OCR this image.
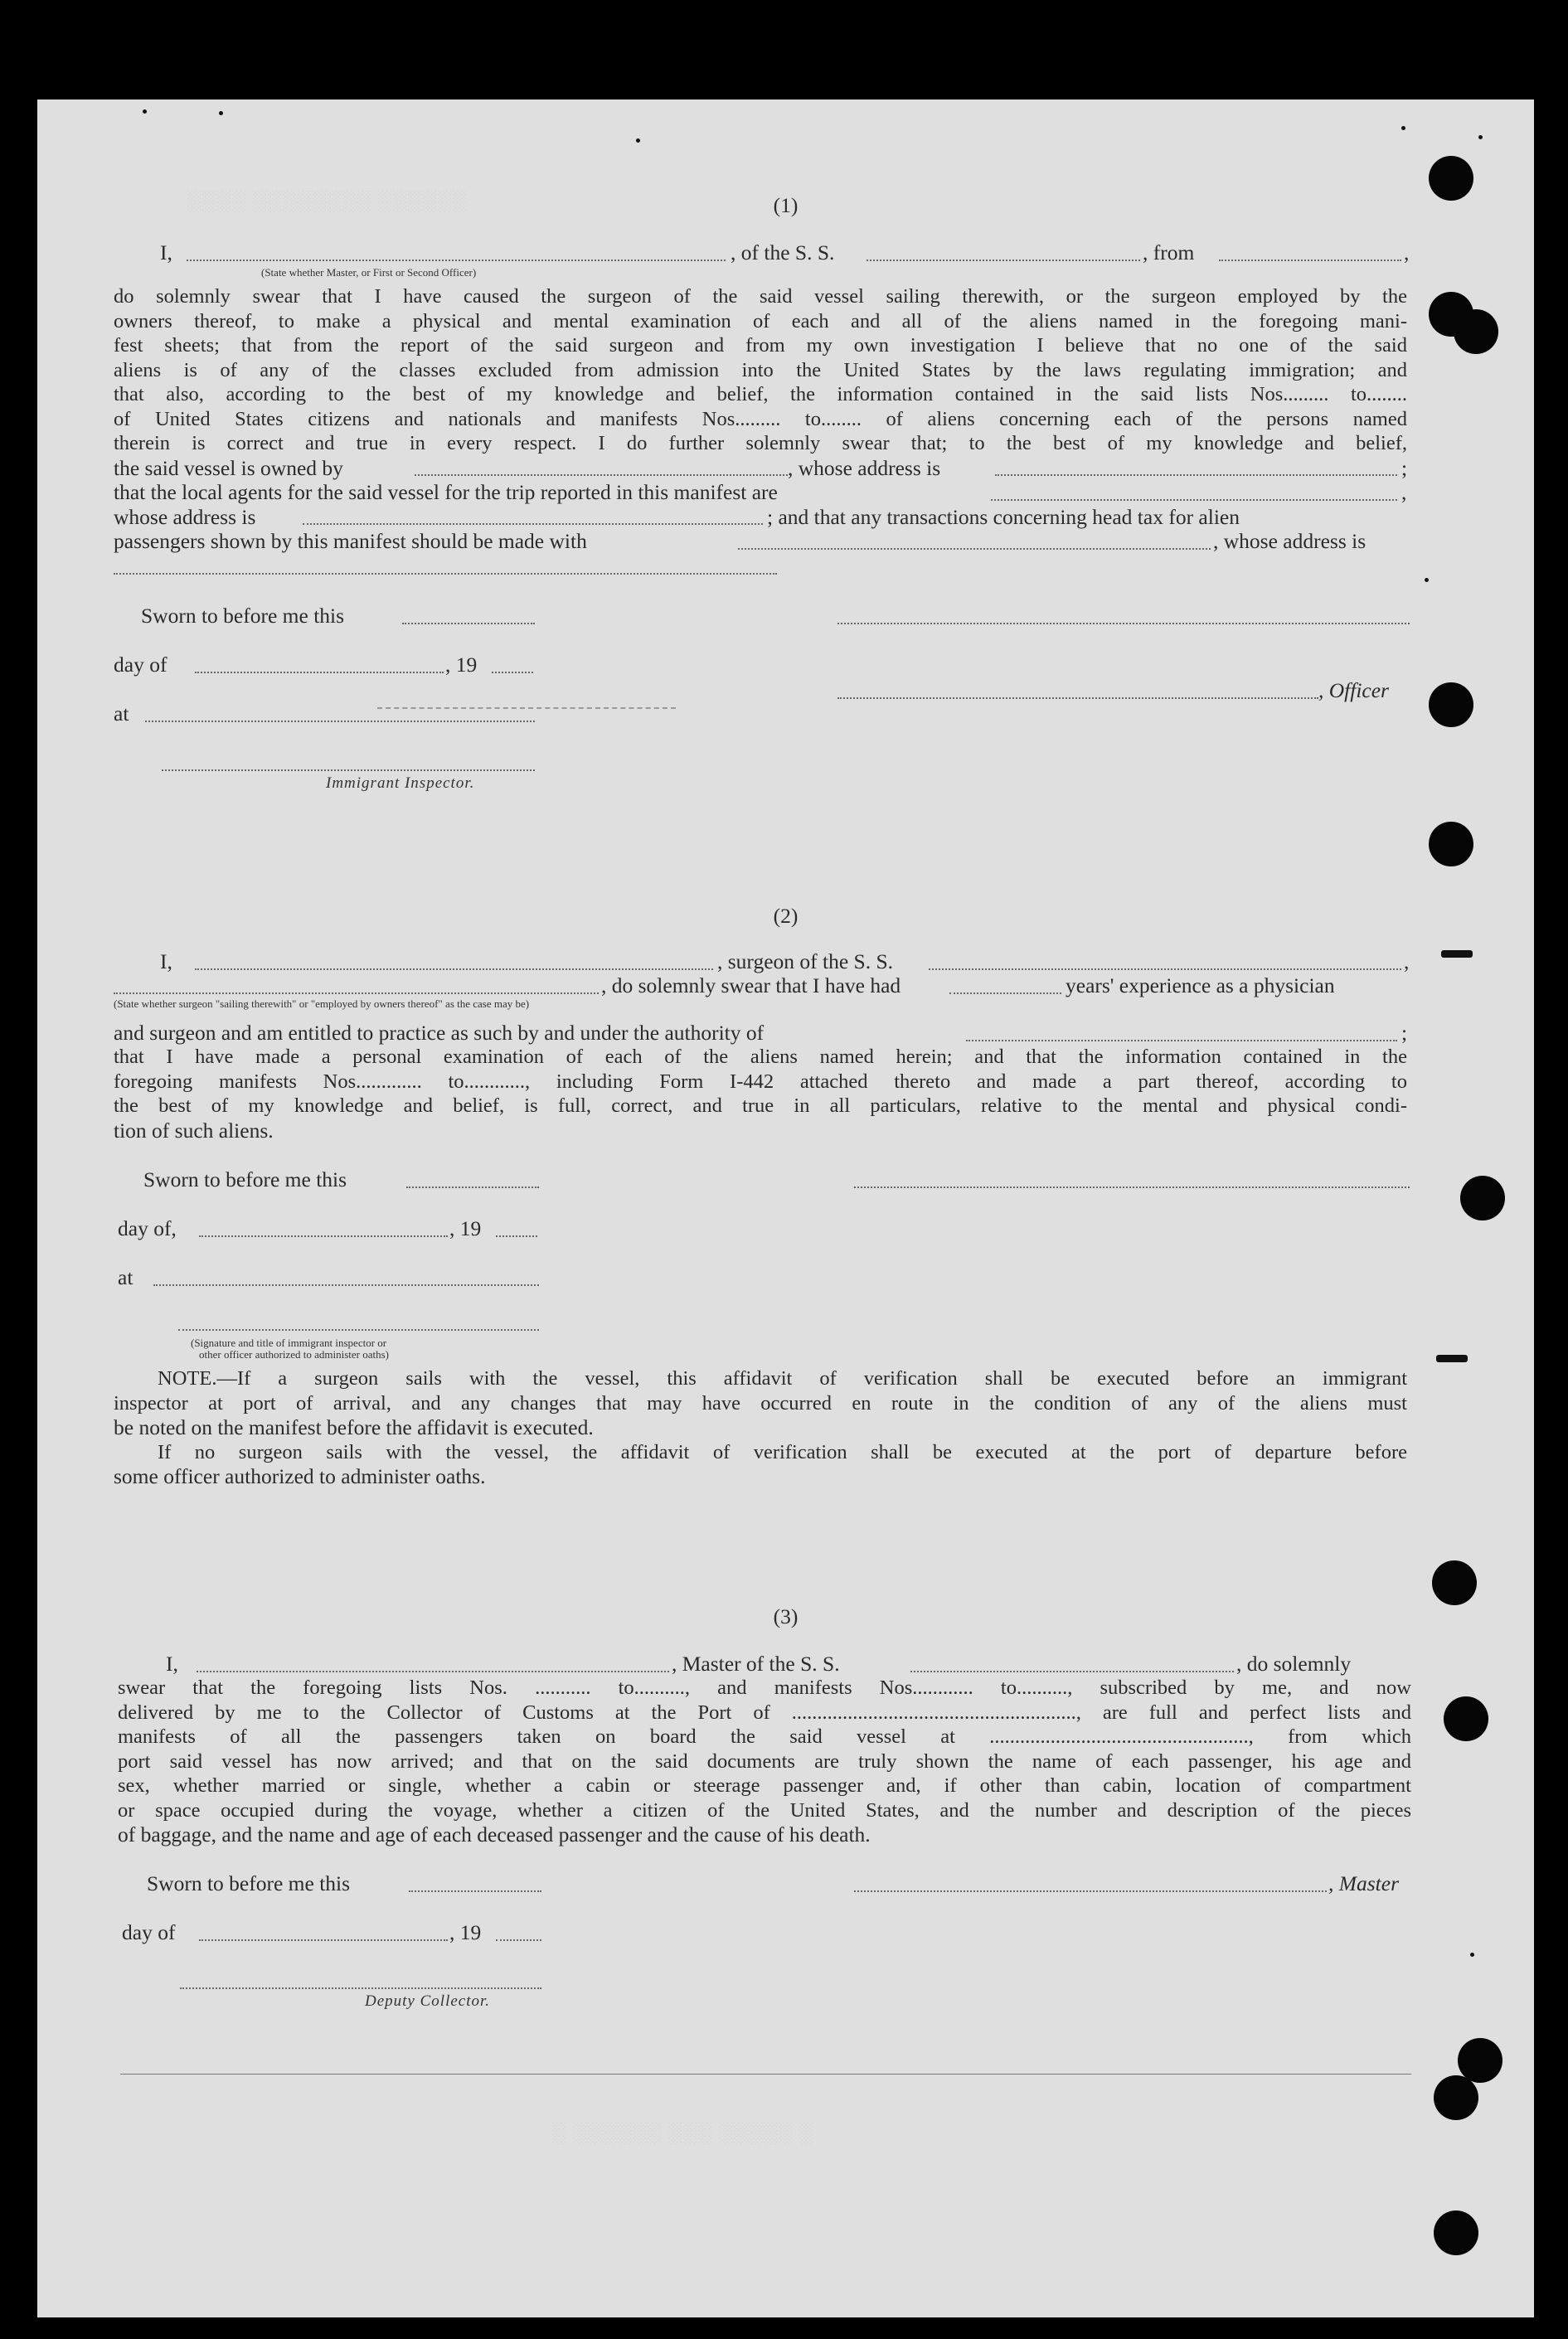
░░░░ ░░░░░░░░ ░░░░░░
░ ░░░░░░ ░░░ ░░░░░ ░
(1)
I,	, of the S. S.	, from	,
(State whether Master, or First or Second Officer)
do solemnly swear that I have caused the surgeon of the said vessel sailing therewith, or the surgeon employed by the
owners thereof, to make a physical and mental examination of each and all of the aliens named in the foregoing mani-
fest sheets; that from the report of the said surgeon and from my own investigation I believe that no one of the said
aliens is of any of the classes excluded from admission into the United States by the laws regulating immigration; and
that also, according to the best of my knowledge and belief, the information contained in the said lists Nos......... to........
of United States citizens and nationals and manifests Nos......... to........ of aliens concerning each of the persons named
therein is correct and true in every respect. I do further solemnly swear that; to the best of my knowledge and belief,
the said vessel is owned by	, whose address is	;
that the local agents for the said vessel for the trip reported in this manifest are	,
whose address is	; and that any transactions concerning head tax for alien
passengers shown by this manifest should be made with	, whose address is
Sworn to before me this
day of	, 19
, Officer
at
Immigrant Inspector.
(2)
I,	, surgeon of the S. S.	,
, do solemnly swear that I have had	years' experience as a physician
(State whether surgeon "sailing therewith" or "employed by owners thereof" as the case may be)
and surgeon and am entitled to practice as such by and under the authority of	;
that I have made a personal examination of each of the aliens named herein; and that the information contained in the
foregoing manifests Nos............. to............, including Form I-442 attached thereto and made a part thereof, according to
the best of my knowledge and belief, is full, correct, and true in all particulars, relative to the mental and physical condi-
tion of such aliens.
Sworn to before me this
day of,	, 19
at
(Signature and title of immigrant inspector or
other officer authorized to administer oaths)
NOTE.—If a surgeon sails with the vessel, this affidavit of verification shall be executed before an immigrant
inspector at port of arrival, and any changes that may have occurred en route in the condition of any of the aliens must
be noted on the manifest before the affidavit is executed.
If no surgeon sails with the vessel, the affidavit of verification shall be executed at the port of departure before
some officer authorized to administer oaths.
(3)
I,	, Master of the S. S.	, do solemnly
swear that the foregoing lists Nos. ........... to.........., and manifests Nos............ to.........., subscribed by me, and now
delivered by me to the Collector of Customs at the Port of ........................................................, are full and perfect lists and
manifests of all the passengers taken on board the said vessel at ..................................................., from which
port said vessel has now arrived; and that on the said documents are truly shown the name of each passenger, his age and
sex, whether married or single, whether a cabin or steerage passenger and, if other than cabin, location of compartment
or space occupied during the voyage, whether a citizen of the United States, and the number and description of the pieces
of baggage, and the name and age of each deceased passenger and the cause of his death.
Sworn to before me this	, Master
day of	, 19
Deputy Collector.
